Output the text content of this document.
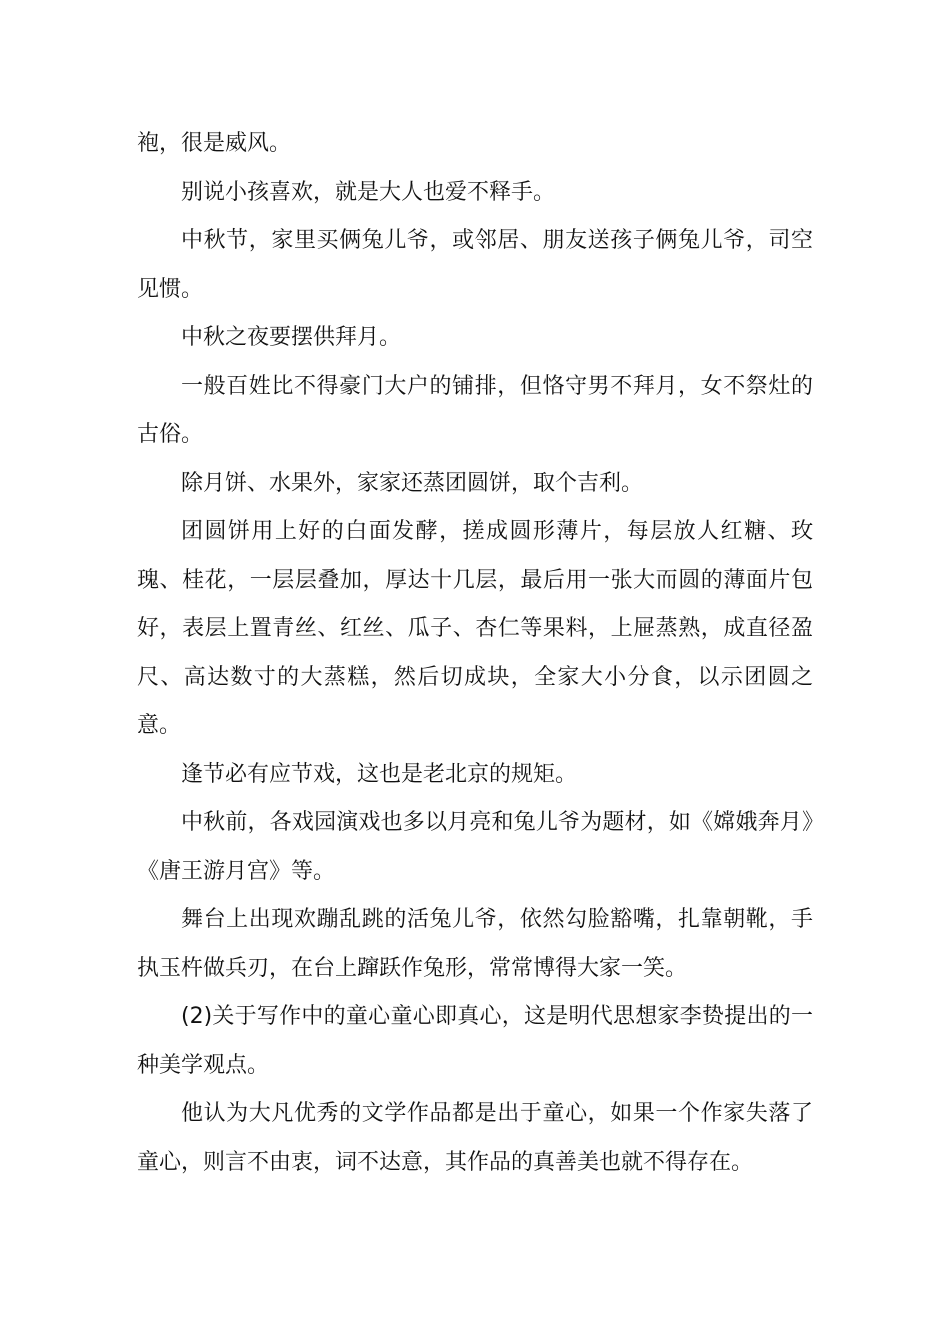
袍，很是威风。

别说小孩喜欢，就是大人也爱不释手。

中秋节，家里买俩兔儿爷，或邻居、朋友送孩子俩兔儿爷，司空见惯。

中秋之夜要摆供拜月。

一般百姓比不得豪门大户的铺排，但恪守男不拜月，女不祭灶的古俗。

除月饼、水果外，家家还蒸团圆饼，取个吉利。

团圆饼用上好的白面发酵，搓成圆形薄片，每层放人红糖、玫瑰、桂花，一层层叠加，厚达十几层，最后用一张大而圆的薄面片包好，表层上置青丝、红丝、瓜子、杏仁等果料，上屉蒸熟，成直径盈尺、高达数寸的大蒸糕，然后切成块，全家大小分食，以示团圆之意。

逢节必有应节戏，这也是老北京的规矩。

中秋前，各戏园演戏也多以月亮和兔儿爷为题材，如《嫦娥奔月》《唐王游月宫》等。

舞台上出现欢蹦乱跳的活兔儿爷，依然勾脸豁嘴，扎靠朝靴，手执玉杵做兵刃，在台上蹿跃作兔形，常常博得大家一笑。

(2)关于写作中的童心童心即真心，这是明代思想家李贽提出的一种美学观点。

他认为大凡优秀的文学作品都是出于童心，如果一个作家失落了童心，则言不由衷，词不达意，其作品的真善美也就不得存在。
